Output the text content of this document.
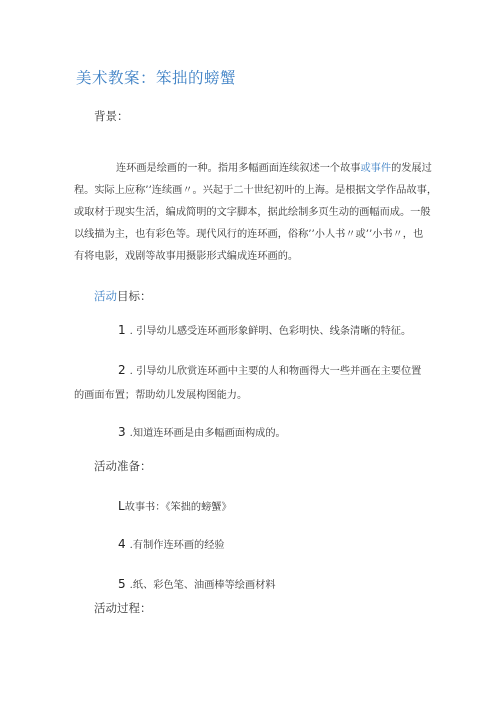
美术教案：笨拙的螃蟹
背景：
连环画是绘画的一种。指用多幅画面连续叙述一个故事或事件的发展过
程。实际上应称’’连续画〃。兴起于二十世纪初叶的上海。是根据文学作品故事，
或取材于现实生活，编成简明的文字脚本，据此绘制多页生动的画幅而成。一般
以线描为主，也有彩色等。现代风行的连环画，俗称’’小人书〃或’’小书〃，也
有将电影，戏剧等故事用摄影形式编成连环画的。
活动目标：
1 . 引导幼儿感受连环画形象鲜明、色彩明快、线条清晰的特征。
2 . 引导幼儿欣赏连环画中主要的人和物画得大一些并画在主要位置
的画面布置；帮助幼儿发展构图能力。
3 .知道连环画是由多幅画面构成的。
活动准备：
L故事书：《笨拙的螃蟹》
4 .有制作连环画的经验
5 .纸、彩色笔、油画棒等绘画材料
活动过程：
